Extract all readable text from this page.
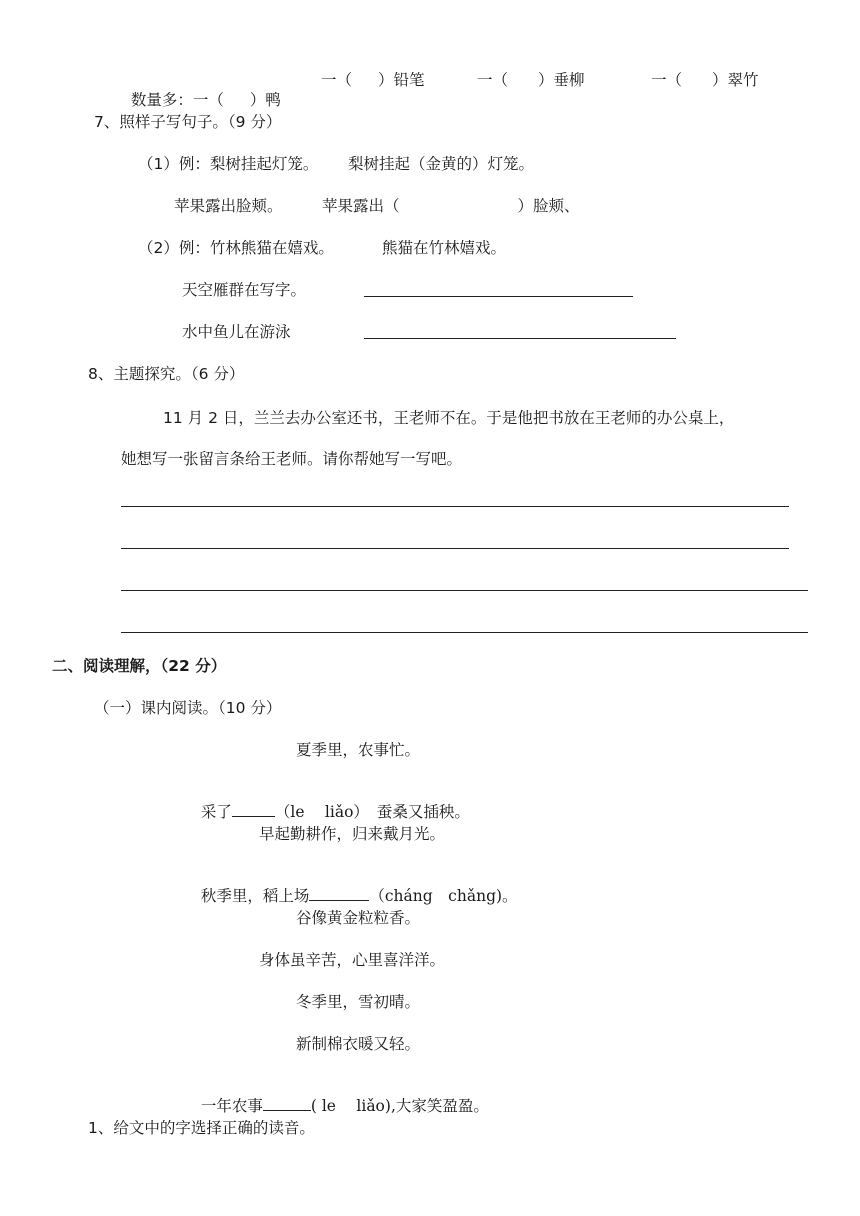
数量多：一（ ）鸭

一（ ）铅笔	一（ ）垂柳	一（ ）翠竹
7、照样子写句子。（9 分）
（1）例：梨树挂起灯笼。 梨树挂起（金黄的）灯笼。
苹果露出脸颊。	苹果露出（	）脸颊、
（2）例：竹林熊猫在嬉戏。	熊猫在竹林嬉戏。
天空雁群在写字。
水中鱼儿在游泳
8、主题探究。（6 分）
11 月 2 日，兰兰去办公室还书，王老师不在。于是他把书放在王老师的办公桌上，
她想写一张留言条给王老师。请你帮她写一写吧。
二、阅读理解，（22 分）
（一）课内阅读。（10 分）
夏季里，农事忙。

采了	（le　 liǎo） 蚕桑又插秧。

早起勤耕作，归来戴月光。

秋季里，稻上场	（cháng　chǎng)。

谷像黄金粒粒香。
身体虽辛苦，心里喜洋洋。
冬季里，雪初晴。
新制棉衣暖又轻。

一年农事	( le　 liǎo),大家笑盈盈。

1、给文中的字选择正确的读音。
